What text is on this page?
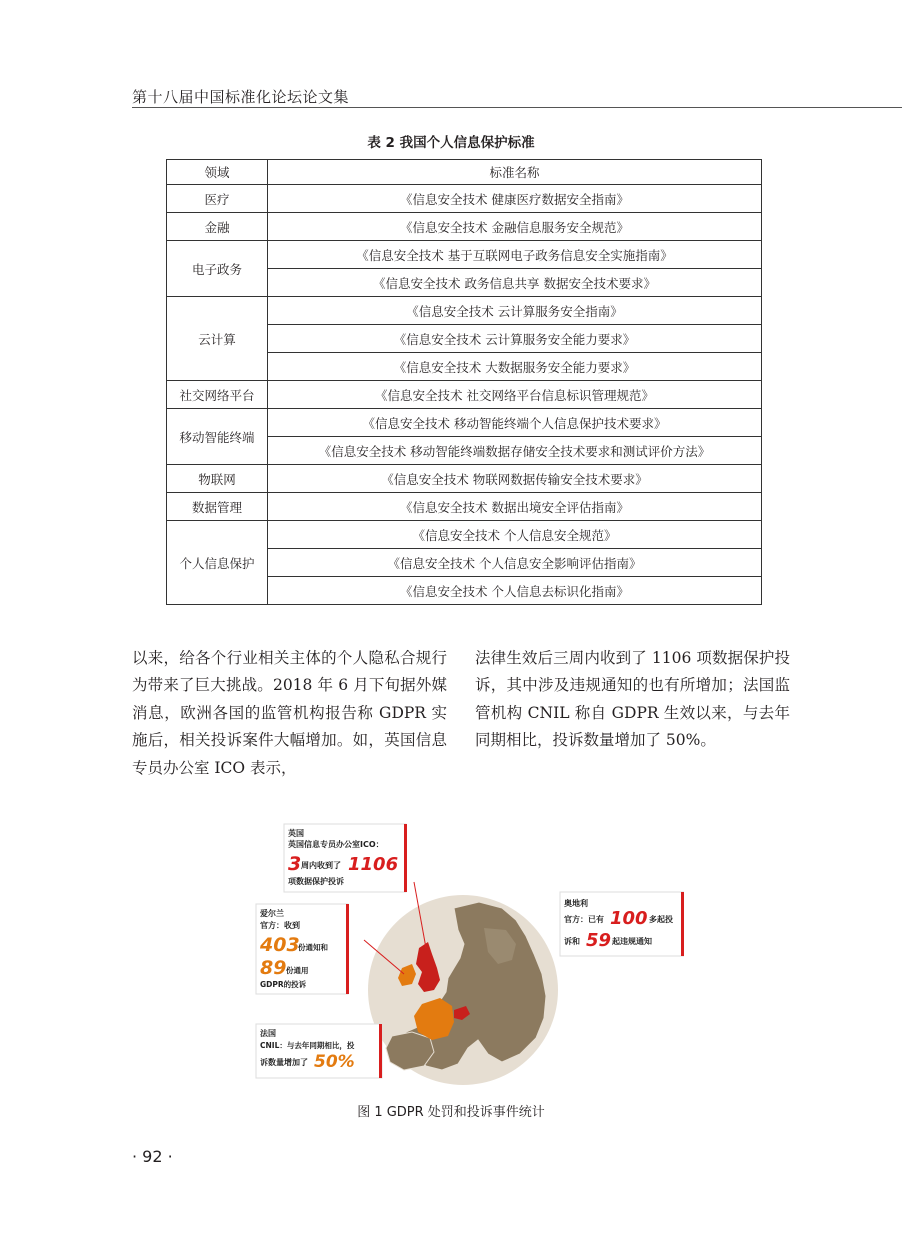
第十八届中国标准化论坛论文集
表 2 我国个人信息保护标准
领域	标准名称
医疗	《信息安全技术 健康医疗数据安全指南》
金融	《信息安全技术 金融信息服务安全规范》
电子政务	《信息安全技术 基于互联网电子政务信息安全实施指南》
	《信息安全技术 政务信息共享 数据安全技术要求》
云计算	《信息安全技术 云计算服务安全指南》
	《信息安全技术 云计算服务安全能力要求》
	《信息安全技术 大数据服务安全能力要求》
社交网络平台	《信息安全技术 社交网络平台信息标识管理规范》
移动智能终端	《信息安全技术 移动智能终端个人信息保护技术要求》
	《信息安全技术 移动智能终端数据存储安全技术要求和测试评价方法》
物联网	《信息安全技术 物联网数据传输安全技术要求》
数据管理	《信息安全技术 数据出境安全评估指南》
个人信息保护	《信息安全技术 个人信息安全规范》
	《信息安全技术 个人信息安全影响评估指南》
	《信息安全技术 个人信息去标识化指南》
以来，给各个行业相关主体的个人隐私合规行为带来了巨大挑战。2018 年 6 月下旬据外媒消息，欧洲各国的监管机构报告称 GDPR 实施后，相关投诉案件大幅增加。如，英国信息专员办公室 ICO 表示，
法律生效后三周内收到了 1106 项数据保护投诉，其中涉及违规通知的也有所增加；法国监管机构 CNIL 称自 GDPR 生效以来，与去年同期相比，投诉数量增加了 50%。
英国
英国信息专员办公室ICO：
3 周内收到了 1106
项数据保护投诉
爱尔兰
官方：收到
403
份通知和
89 份通用
GDPR的投诉
奥地利
官方：已有 100 多起投
诉和 59 起违规通知
法国
CNIL：与去年同期相比，投
诉数量增加了 50%
图 1 GDPR 处罚和投诉事件统计
· 92 ·
